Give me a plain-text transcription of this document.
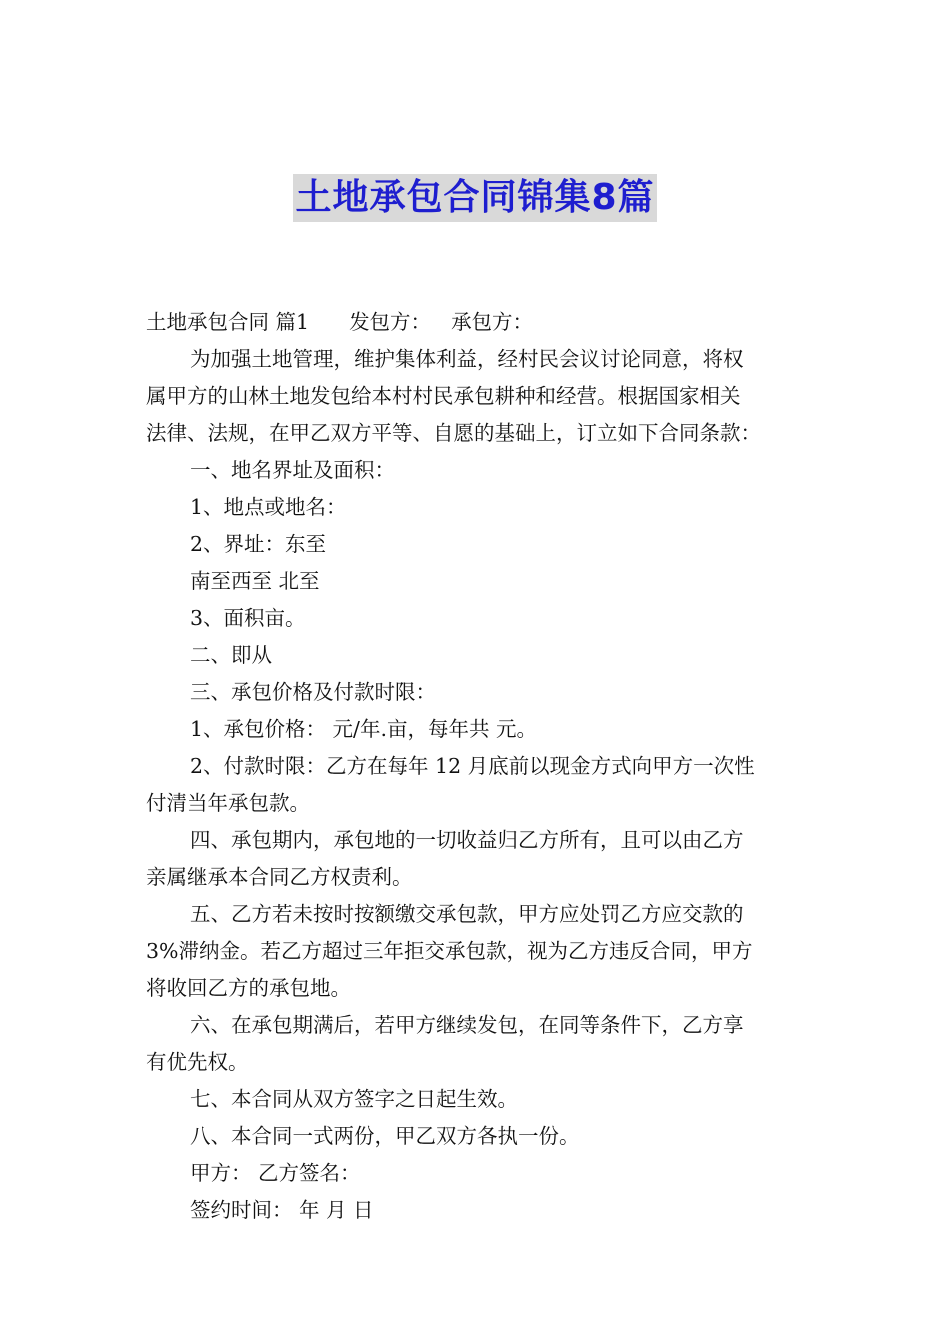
土地承包合同锦集8篇
土地承包合同 篇1 发包方： 承包方：
为加强土地管理，维护集体利益，经村民会议讨论同意，将权
属甲方的山林土地发包给本村村民承包耕种和经营。根据国家相关
法律、法规，在甲乙双方平等、自愿的基础上，订立如下合同条款：
一、地名界址及面积：
1、地点或地名：
2、界址：东至
南至西至 北至
3、面积亩。
二、即从
三、承包价格及付款时限：
1、承包价格： 元/年.亩，每年共 元。
2、付款时限：乙方在每年 12 月底前以现金方式向甲方一次性
付清当年承包款。
四、承包期内，承包地的一切收益归乙方所有，且可以由乙方
亲属继承本合同乙方权责利。
五、乙方若未按时按额缴交承包款，甲方应处罚乙方应交款的
3%滞纳金。若乙方超过三年拒交承包款，视为乙方违反合同，甲方
将收回乙方的承包地。
六、在承包期满后，若甲方继续发包，在同等条件下，乙方享
有优先权。
七、本合同从双方签字之日起生效。
八、本合同一式两份，甲乙双方各执一份。
甲方： 乙方签名：
签约时间： 年 月 日
